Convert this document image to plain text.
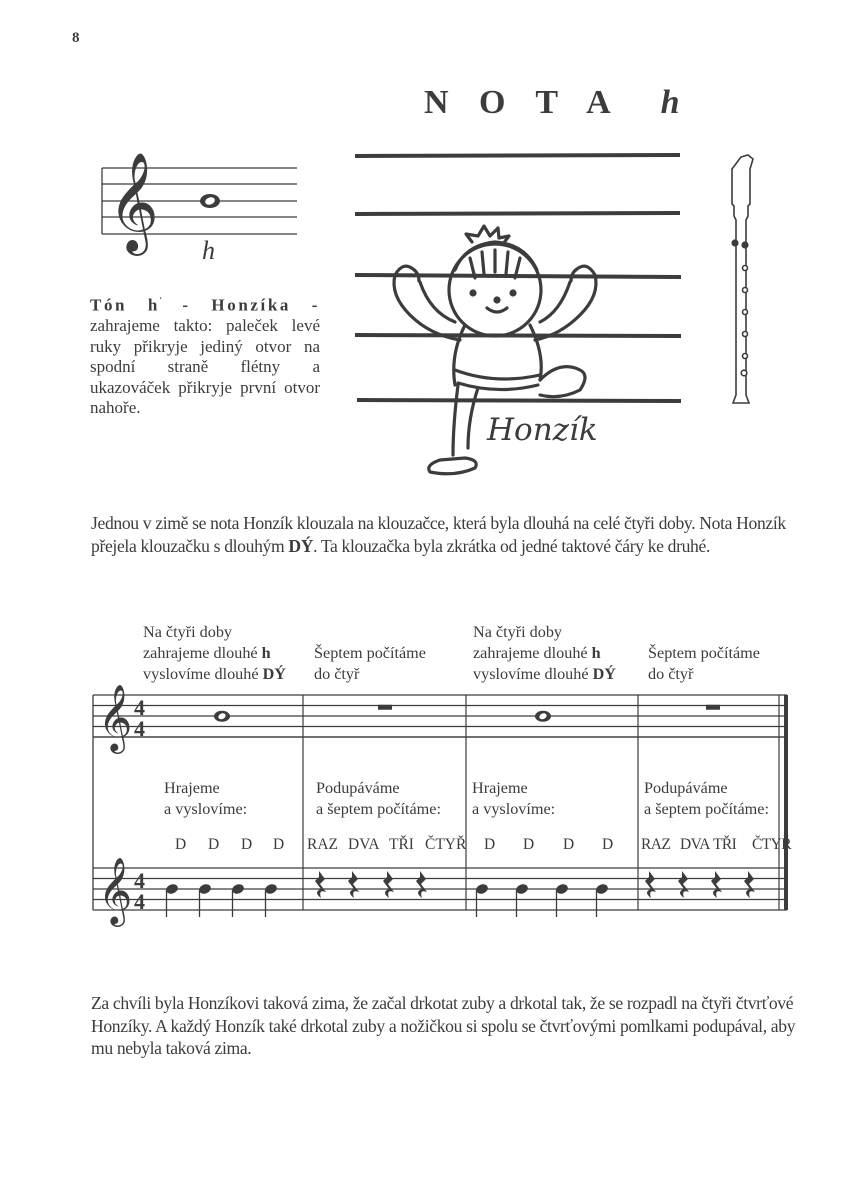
𝄞
𝄞
𝄞
4
4
4
4
8
N O T A h
h
Tón h' - Honzíka - zahrajeme takto: paleček levé ruky přikryje jediný otvor na spodní straně flétny a ukazováček přikryje první otvor nahoře.
Honzík
Jednou v zimě se nota Honzík klouzala na klouzačce, která byla dlouhá na celé čtyři doby. Nota Honzík přejela klouzačku s dlouhým DÝ. Ta klouzačka byla zkrátka od jedné taktové čáry ke druhé.
Na čtyři doby
zahrajeme dlouhé h
vyslovíme dlouhé DÝ
Šeptem počítáme
do čtyř
Na čtyři doby
zahrajeme dlouhé h
vyslovíme dlouhé DÝ
Šeptem počítáme
do čtyř
Hrajeme
a vyslovíme:
Podupáváme
a šeptem počítáme:
Hrajeme
a vyslovíme:
Podupáváme
a šeptem počítáme:
D D D D RAZ DVA TŘI ČTYŘ D D D D RAZ DVA TŘI ČTYŘ
Za chvíli byla Honzíkovi taková zima, že začal drkotat zuby a drkotal tak, že se rozpadl na čtyři čtvrťové Honzíky. A každý Honzík také drkotal zuby a nožičkou si spolu se čtvrťovými pomlkami podupával, aby mu nebyla taková zima.
